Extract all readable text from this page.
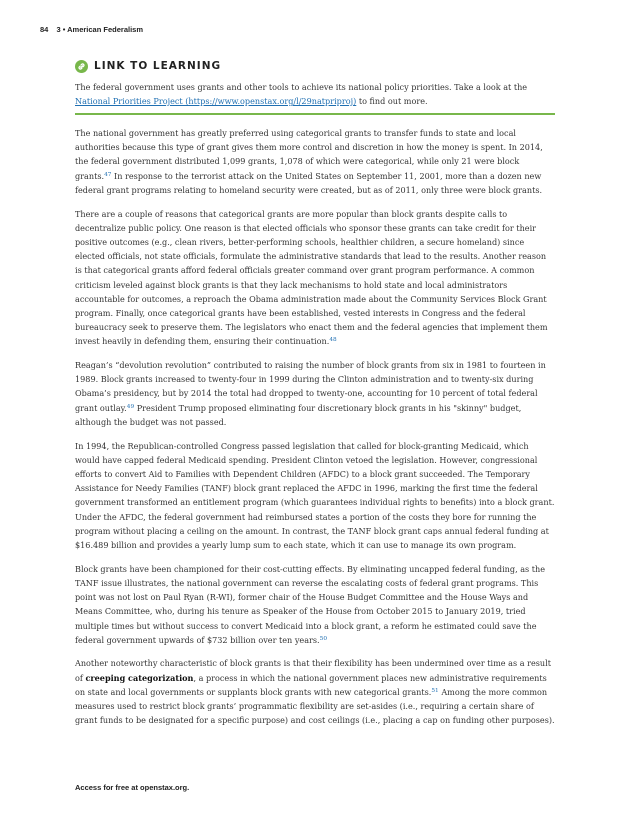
84 3 • American Federalism
LINK TO LEARNING
The federal government uses grants and other tools to achieve its national policy priorities. Take a look at the National Priorities Project (https://www.openstax.org/l/29natpriproj) to find out more.

The national government has greatly preferred using categorical grants to transfer funds to state and local authorities because this type of grant gives them more control and discretion in how the money is spent. In 2014, the federal government distributed 1,099 grants, 1,078 of which were categorical, while only 21 were block grants.$^{47}$ In response to the terrorist attack on the United States on September 11, 2001, more than a dozen new federal grant programs relating to homeland security were created, but as of 2011, only three were block grants.

There are a couple of reasons that categorical grants are more popular than block grants despite calls to decentralize public policy. One reason is that elected officials who sponsor these grants can take credit for their positive outcomes (e.g., clean rivers, better-performing schools, healthier children, a secure homeland) since elected officials, not state officials, formulate the administrative standards that lead to the results. Another reason is that categorical grants afford federal officials greater command over grant program performance. A common criticism leveled against block grants is that they lack mechanisms to hold state and local administrators accountable for outcomes, a reproach the Obama administration made about the Community Services Block Grant program. Finally, once categorical grants have been established, vested interests in Congress and the federal bureaucracy seek to preserve them. The legislators who enact them and the federal agencies that implement them invest heavily in defending them, ensuring their continuation.$^{48}$

Reagan’s “devolution revolution” contributed to raising the number of block grants from six in 1981 to fourteen in 1989. Block grants increased to twenty-four in 1999 during the Clinton administration and to twenty-six during Obama’s presidency, but by 2014 the total had dropped to twenty-one, accounting for 10 percent of total federal grant outlay.$^{49}$ President Trump proposed eliminating four discretionary block grants in his "skinny" budget, although the budget was not passed.

In 1994, the Republican-controlled Congress passed legislation that called for block-granting Medicaid, which would have capped federal Medicaid spending. President Clinton vetoed the legislation. However, congressional efforts to convert Aid to Families with Dependent Children (AFDC) to a block grant succeeded. The Temporary Assistance for Needy Families (TANF) block grant replaced the AFDC in 1996, marking the first time the federal government transformed an entitlement program (which guarantees individual rights to benefits) into a block grant. Under the AFDC, the federal government had reimbursed states a portion of the costs they bore for running the program without placing a ceiling on the amount. In contrast, the TANF block grant caps annual federal funding at $16.489 billion and provides a yearly lump sum to each state, which it can use to manage its own program.

Block grants have been championed for their cost-cutting effects. By eliminating uncapped federal funding, as the TANF issue illustrates, the national government can reverse the escalating costs of federal grant programs. This point was not lost on Paul Ryan (R-WI), former chair of the House Budget Committee and the House Ways and Means Committee, who, during his tenure as Speaker of the House from October 2015 to January 2019, tried multiple times but without success to convert Medicaid into a block grant, a reform he estimated could save the federal government upwards of $732 billion over ten years.$^{50}$

Another noteworthy characteristic of block grants is that their flexibility has been undermined over time as a result of creeping categorization, a process in which the national government places new administrative requirements on state and local governments or supplants block grants with new categorical grants.$^{51}$ Among the more common measures used to restrict block grants’ programmatic flexibility are set-asides (i.e., requiring a certain share of grant funds to be designated for a specific purpose) and cost ceilings (i.e., placing a cap on funding other purposes).

Access for free at openstax.org.
